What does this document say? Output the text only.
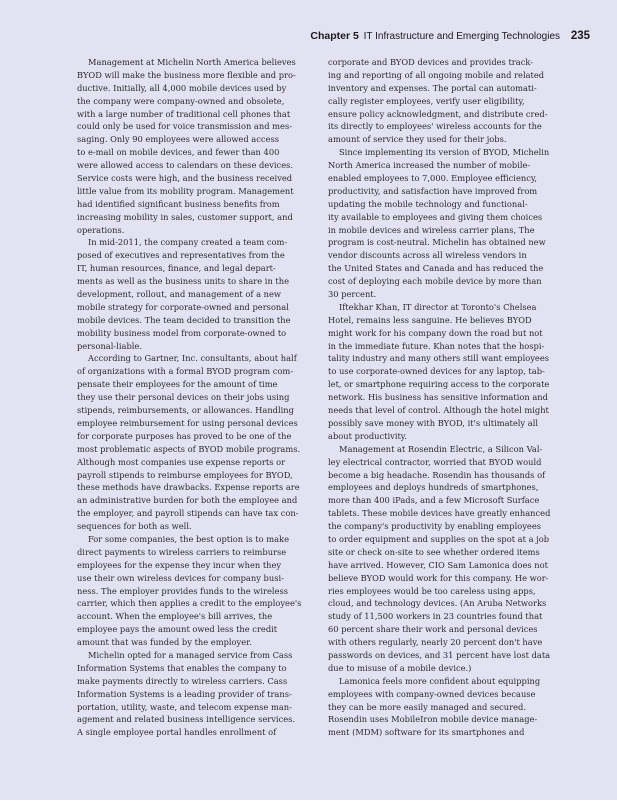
Chapter 5 IT Infrastructure and Emerging Technologies 235
Management at Michelin North America believes
BYOD will make the business more flexible and pro-
ductive. Initially, all 4,000 mobile devices used by
the company were company-owned and obsolete,
with a large number of traditional cell phones that
could only be used for voice transmission and mes-
saging. Only 90 employees were allowed access
to e-mail on mobile devices, and fewer than 400
were allowed access to calendars on these devices.
Service costs were high, and the business received
little value from its mobility program. Management
had identified significant business benefits from
increasing mobility in sales, customer support, and
operations.
In mid-2011, the company created a team com-
posed of executives and representatives from the
IT, human resources, finance, and legal depart-
ments as well as the business units to share in the
development, rollout, and management of a new
mobile strategy for corporate-owned and personal
mobile devices. The team decided to transition the
mobility business model from corporate-owned to
personal-liable.
According to Gartner, Inc. consultants, about half
of organizations with a formal BYOD program com-
pensate their employees for the amount of time
they use their personal devices on their jobs using
stipends, reimbursements, or allowances. Handling
employee reimbursement for using personal devices
for corporate purposes has proved to be one of the
most problematic aspects of BYOD mobile programs.
Although most companies use expense reports or
payroll stipends to reimburse employees for BYOD,
these methods have drawbacks. Expense reports are
an administrative burden for both the employee and
the employer, and payroll stipends can have tax con-
sequences for both as well.
For some companies, the best option is to make
direct payments to wireless carriers to reimburse
employees for the expense they incur when they
use their own wireless devices for company busi-
ness. The employer provides funds to the wireless
carrier, which then applies a credit to the employee's
account. When the employee's bill arrives, the
employee pays the amount owed less the credit
amount that was funded by the employer.
Michelin opted for a managed service from Cass
Information Systems that enables the company to
make payments directly to wireless carriers. Cass
Information Systems is a leading provider of trans-
portation, utility, waste, and telecom expense man-
agement and related business intelligence services.
A single employee portal handles enrollment of
corporate and BYOD devices and provides track-
ing and reporting of all ongoing mobile and related
inventory and expenses. The portal can automati-
cally register employees, verify user eligibility,
ensure policy acknowledgment, and distribute cred-
its directly to employees' wireless accounts for the
amount of service they used for their jobs.
Since implementing its version of BYOD, Michelin
North America increased the number of mobile-
enabled employees to 7,000. Employee efficiency,
productivity, and satisfaction have improved from
updating the mobile technology and functional-
ity available to employees and giving them choices
in mobile devices and wireless carrier plans, The
program is cost-neutral. Michelin has obtained new
vendor discounts across all wireless vendors in
the United States and Canada and has reduced the
cost of deploying each mobile device by more than
30 percent.
Iftekhar Khan, IT director at Toronto's Chelsea
Hotel, remains less sanguine. He believes BYOD
might work for his company down the road but not
in the immediate future. Khan notes that the hospi-
tality industry and many others still want employees
to use corporate-owned devices for any laptop, tab-
let, or smartphone requiring access to the corporate
network. His business has sensitive information and
needs that level of control. Although the hotel might
possibly save money with BYOD, it's ultimately all
about productivity.
Management at Rosendin Electric, a Silicon Val-
ley electrical contractor, worried that BYOD would
become a big headache. Rosendin has thousands of
employees and deploys hundreds of smartphones,
more than 400 iPads, and a few Microsoft Surface
tablets. These mobile devices have greatly enhanced
the company's productivity by enabling employees
to order equipment and supplies on the spot at a job
site or check on-site to see whether ordered items
have arrived. However, CIO Sam Lamonica does not
believe BYOD would work for this company. He wor-
ries employees would be too careless using apps,
cloud, and technology devices. (An Aruba Networks
study of 11,500 workers in 23 countries found that
60 percent share their work and personal devices
with others regularly, nearly 20 percent don't have
passwords on devices, and 31 percent have lost data
due to misuse of a mobile device.)
Lamonica feels more confident about equipping
employees with company-owned devices because
they can be more easily managed and secured.
Rosendin uses MobileIron mobile device manage-
ment (MDM) software for its smartphones and
